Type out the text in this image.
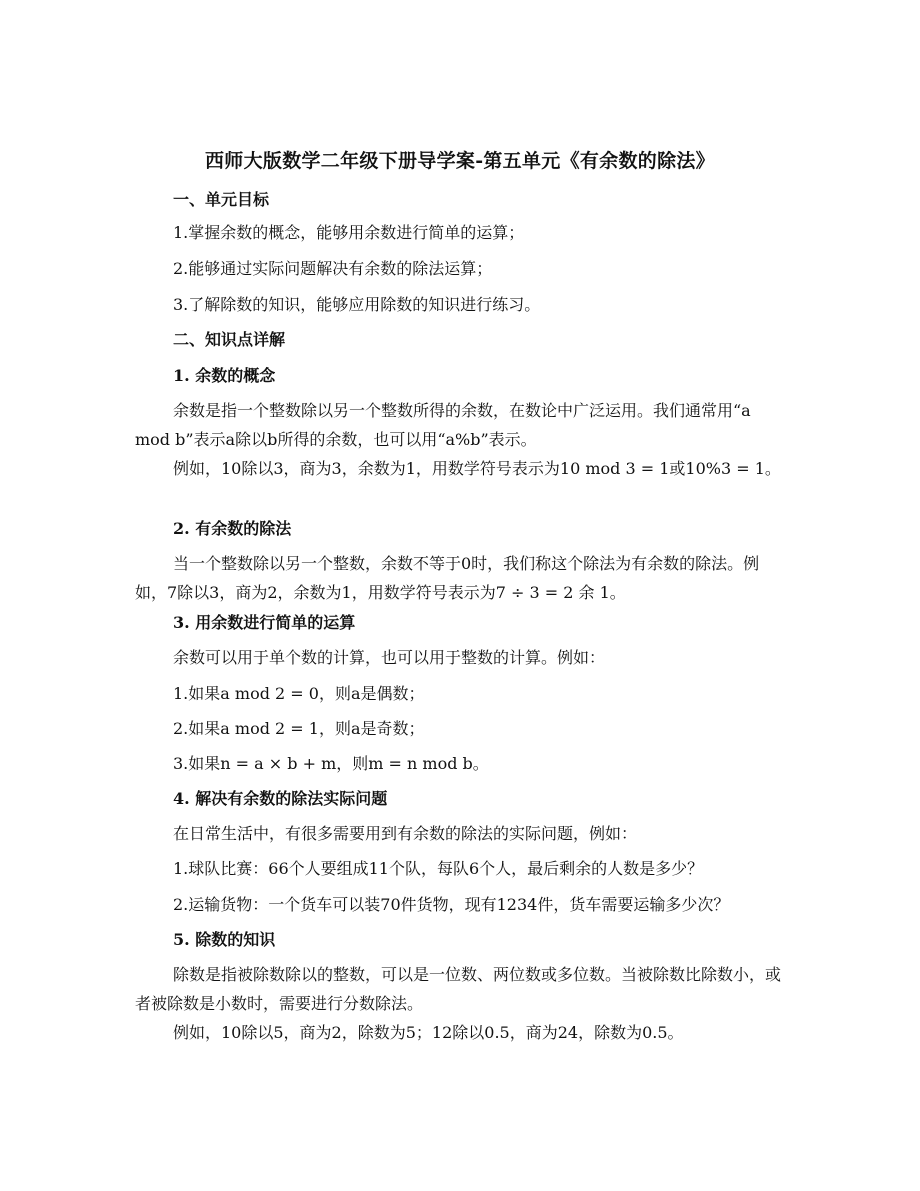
西师大版数学二年级下册导学案-第五单元《有余数的除法》
一、单元目标
1.掌握余数的概念，能够用余数进行简单的运算；
2.能够通过实际问题解决有余数的除法运算；
3.了解除数的知识，能够应用除数的知识进行练习。
二、知识点详解
1. 余数的概念
余数是指一个整数除以另一个整数所得的余数，在数论中广泛运用。我们通常用“a mod b”表示a除以b所得的余数，也可以用“a%b”表示。
例如，10除以3，商为3，余数为1，用数学符号表示为10 mod 3 = 1或10%3 = 1。
2. 有余数的除法
当一个整数除以另一个整数，余数不等于0时，我们称这个除法为有余数的除法。例如，7除以3，商为2，余数为1，用数学符号表示为7 ÷ 3 = 2 余 1。
3. 用余数进行简单的运算
余数可以用于单个数的计算，也可以用于整数的计算。例如：
1.如果a mod 2 = 0，则a是偶数；
2.如果a mod 2 = 1，则a是奇数；
3.如果n = a × b + m，则m = n mod b。
4. 解决有余数的除法实际问题
在日常生活中，有很多需要用到有余数的除法的实际问题，例如：
1.球队比赛：66个人要组成11个队，每队6个人，最后剩余的人数是多少？
2.运输货物：一个货车可以装70件货物，现有1234件，货车需要运输多少次？
5. 除数的知识
除数是指被除数除以的整数，可以是一位数、两位数或多位数。当被除数比除数小，或者被除数是小数时，需要进行分数除法。
例如，10除以5，商为2，除数为5；12除以0.5，商为24，除数为0.5。
